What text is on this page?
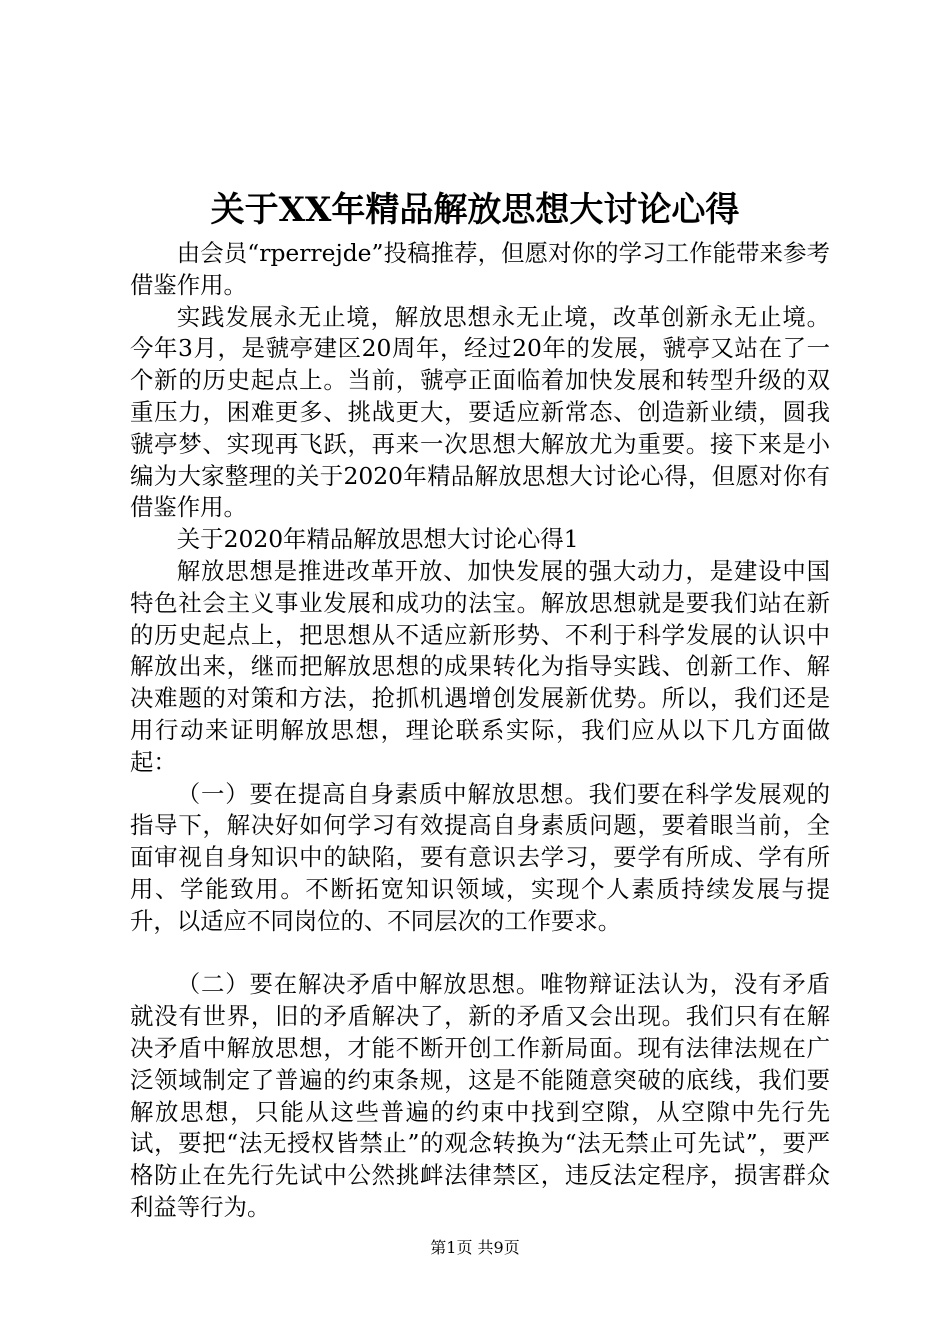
关于XX年精品解放思想大讨论心得

由会员“rperrejde”投稿推荐，但愿对你的学习工作能带来参考借鉴作用。

实践发展永无止境，解放思想永无止境，改革创新永无止境。今年3月，是虢亭建区20周年，经过20年的发展，虢亭又站在了一个新的历史起点上。当前，虢亭正面临着加快发展和转型升级的双重压力，困难更多、挑战更大，要适应新常态、创造新业绩，圆我虢亭梦、实现再飞跃，再来一次思想大解放尤为重要。接下来是小编为大家整理的关于2020年精品解放思想大讨论心得，但愿对你有借鉴作用。

关于2020年精品解放思想大讨论心得1

解放思想是推进改革开放、加快发展的强大动力，是建设中国特色社会主义事业发展和成功的法宝。解放思想就是要我们站在新的历史起点上，把思想从不适应新形势、不利于科学发展的认识中解放出来，继而把解放思想的成果转化为指导实践、创新工作、解决难题的对策和方法，抢抓机遇增创发展新优势。所以，我们还是用行动来证明解放思想，理论联系实际，我们应从以下几方面做起：

（一）要在提高自身素质中解放思想。我们要在科学发展观的指导下，解决好如何学习有效提高自身素质问题，要着眼当前，全面审视自身知识中的缺陷，要有意识去学习，要学有所成、学有所用、学能致用。不断拓宽知识领域，实现个人素质持续发展与提升，以适应不同岗位的、不同层次的工作要求。

（二）要在解决矛盾中解放思想。唯物辩证法认为，没有矛盾就没有世界，旧的矛盾解决了，新的矛盾又会出现。我们只有在解决矛盾中解放思想，才能不断开创工作新局面。现有法律法规在广泛领域制定了普遍的约束条规，这是不能随意突破的底线，我们要解放思想，只能从这些普遍的约束中找到空隙，从空隙中先行先试，要把“法无授权皆禁止”的观念转换为“法无禁止可先试”，要严格防止在先行先试中公然挑衅法律禁区，违反法定程序，损害群众利益等行为。

第1页 共9页
